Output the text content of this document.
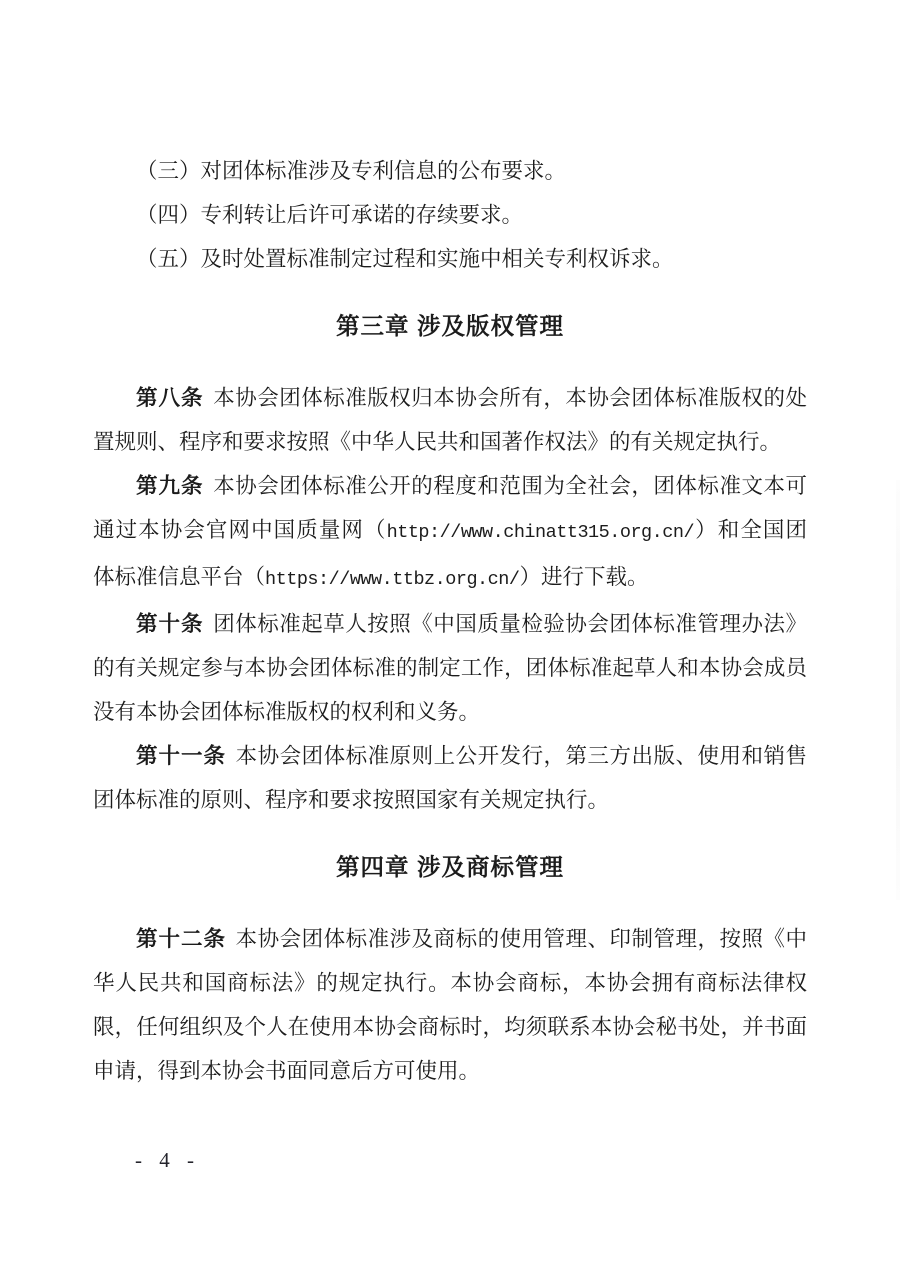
（三）对团体标准涉及专利信息的公布要求。

（四）专利转让后许可承诺的存续要求。

（五）及时处置标准制定过程和实施中相关专利权诉求。

第三章 涉及版权管理

第八条 本协会团体标准版权归本协会所有，本协会团体标准版权的处置规则、程序和要求按照《中华人民共和国著作权法》的有关规定执行。

第九条 本协会团体标准公开的程度和范围为全社会，团体标准文本可通过本协会官网中国质量网（http://www.chinatt315.org.cn/）和全国团体标准信息平台（https://www.ttbz.org.cn/）进行下载。

第十条 团体标准起草人按照《中国质量检验协会团体标准管理办法》的有关规定参与本协会团体标准的制定工作，团体标准起草人和本协会成员没有本协会团体标准版权的权利和义务。

第十一条 本协会团体标准原则上公开发行，第三方出版、使用和销售团体标准的原则、程序和要求按照国家有关规定执行。

第四章 涉及商标管理

第十二条 本协会团体标准涉及商标的使用管理、印制管理，按照《中华人民共和国商标法》的规定执行。本协会商标，本协会拥有商标法律权限，任何组织及个人在使用本协会商标时，均须联系本协会秘书处，并书面申请，得到本协会书面同意后方可使用。

- 4 -
